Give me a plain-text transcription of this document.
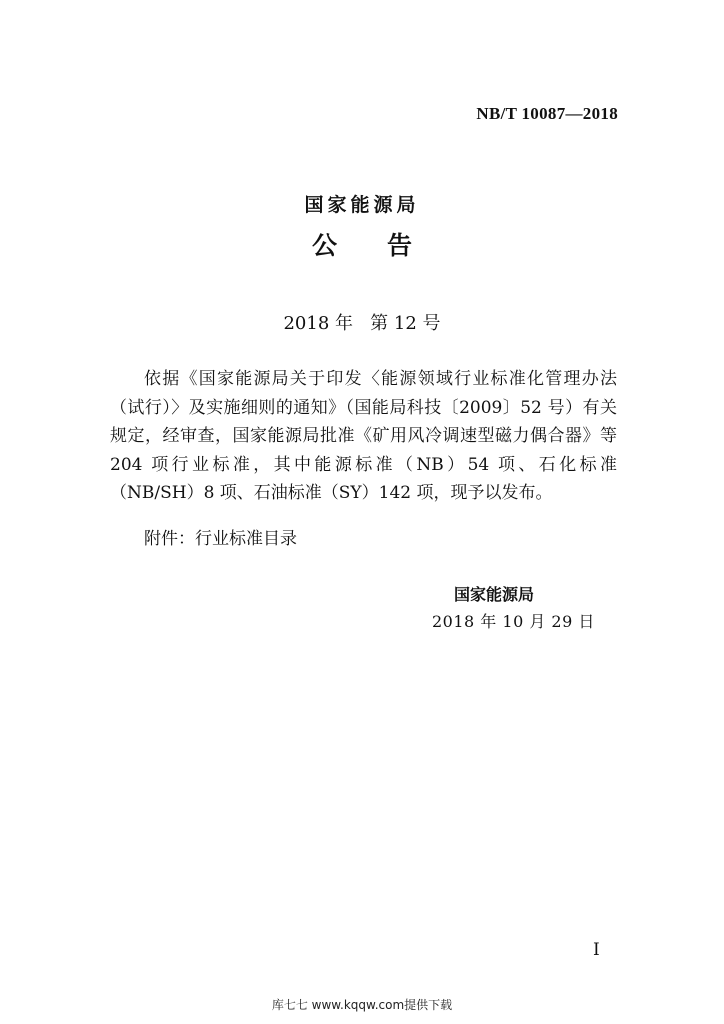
NB/T 10087—2018
国家能源局
公告
2018 年   第 12 号

依据《国家能源局关于印发〈能源领域行业标准化管理办法（试行）〉及实施细则的通知》（国能局科技〔2009〕52 号）有关规定，经审查，国家能源局批准《矿用风冷调速型磁力偶合器》等 204 项行业标准，其中能源标准（NB）54 项、石化标准（NB/SH）8 项、石油标准（SY）142 项，现予以发布。

附件：行业标准目录
国家能源局
2018 年 10 月 29 日
I
库七七 www.kqqw.com提供下载
